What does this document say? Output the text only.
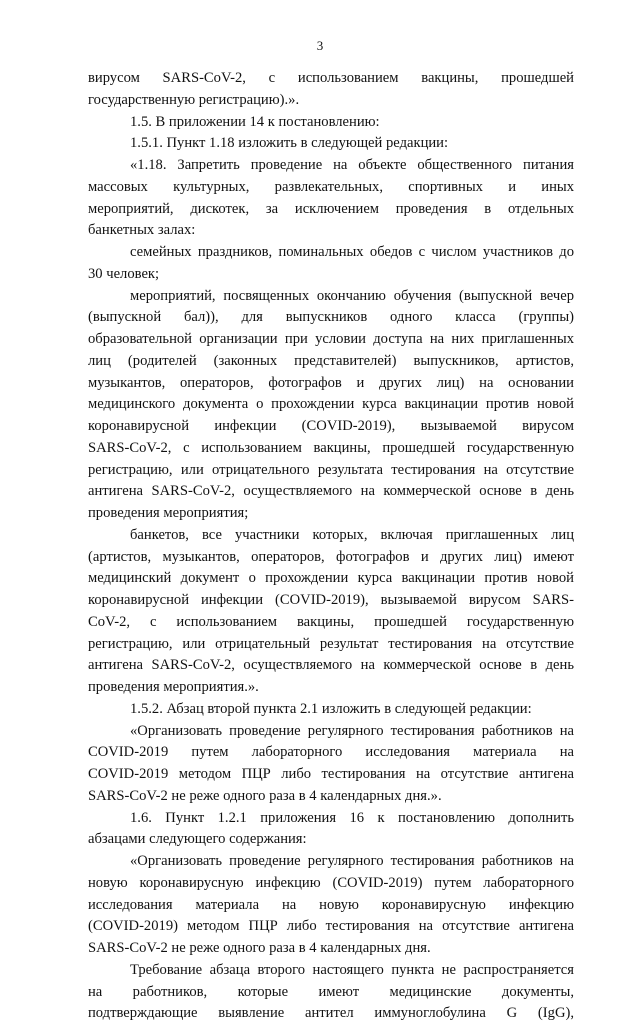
3

вирусом SARS-CoV-2, с использованием вакцины, прошедшей

государственную регистрацию).».

1.5. В приложении 14 к постановлению:

1.5.1. Пункт 1.18 изложить в следующей редакции:

«1.18. Запретить проведение на объекте общественного питания

массовых культурных, развлекательных, спортивных и иных

мероприятий, дискотек, за исключением проведения в отдельных

банкетных залах:

семейных праздников, поминальных обедов с числом участников до

30 человек;

мероприятий, посвященных окончанию обучения (выпускной вечер

(выпускной бал)), для выпускников одного класса (группы)

образовательной организации при условии доступа на них приглашенных

лиц (родителей (законных представителей) выпускников, артистов,

музыкантов, операторов, фотографов и других лиц) на основании

медицинского документа о прохождении курса вакцинации против новой

коронавирусной инфекции (COVID-2019), вызываемой вирусом

SARS-CoV-2, с использованием вакцины, прошедшей государственную

регистрацию, или отрицательного результата тестирования на отсутствие

антигена SARS-CoV-2, осуществляемого на коммерческой основе в день

проведения мероприятия;

банкетов, все участники которых, включая приглашенных лиц

(артистов, музыкантов, операторов, фотографов и других лиц) имеют

медицинский документ о прохождении курса вакцинации против новой

коронавирусной инфекции (COVID-2019), вызываемой вирусом SARS-

CoV-2, с использованием вакцины, прошедшей государственную

регистрацию, или отрицательный результат тестирования на отсутствие

антигена SARS-CoV-2, осуществляемого на коммерческой основе в день

проведения мероприятия.».

1.5.2. Абзац второй пункта 2.1 изложить в следующей редакции:

«Организовать проведение регулярного тестирования работников на

COVID-2019 путем лабораторного исследования материала на

COVID-2019 методом ПЦР либо тестирования на отсутствие антигена

SARS-CoV-2 не реже одного раза в 4 календарных дня.».

1.6. Пункт 1.2.1 приложения 16 к постановлению дополнить

абзацами следующего содержания:

«Организовать проведение регулярного тестирования работников на

новую коронавирусную инфекцию (COVID-2019) путем лабораторного

исследования материала на новую коронавирусную инфекцию

(COVID-2019) методом ПЦР либо тестирования на отсутствие антигена

SARS-CoV-2 не реже одного раза в 4 календарных дня.

Требование абзаца второго настоящего пункта не распространяется

на работников, которые имеют медицинские документы,

подтверждающие выявление антител иммуноглобулина G (IgG),
